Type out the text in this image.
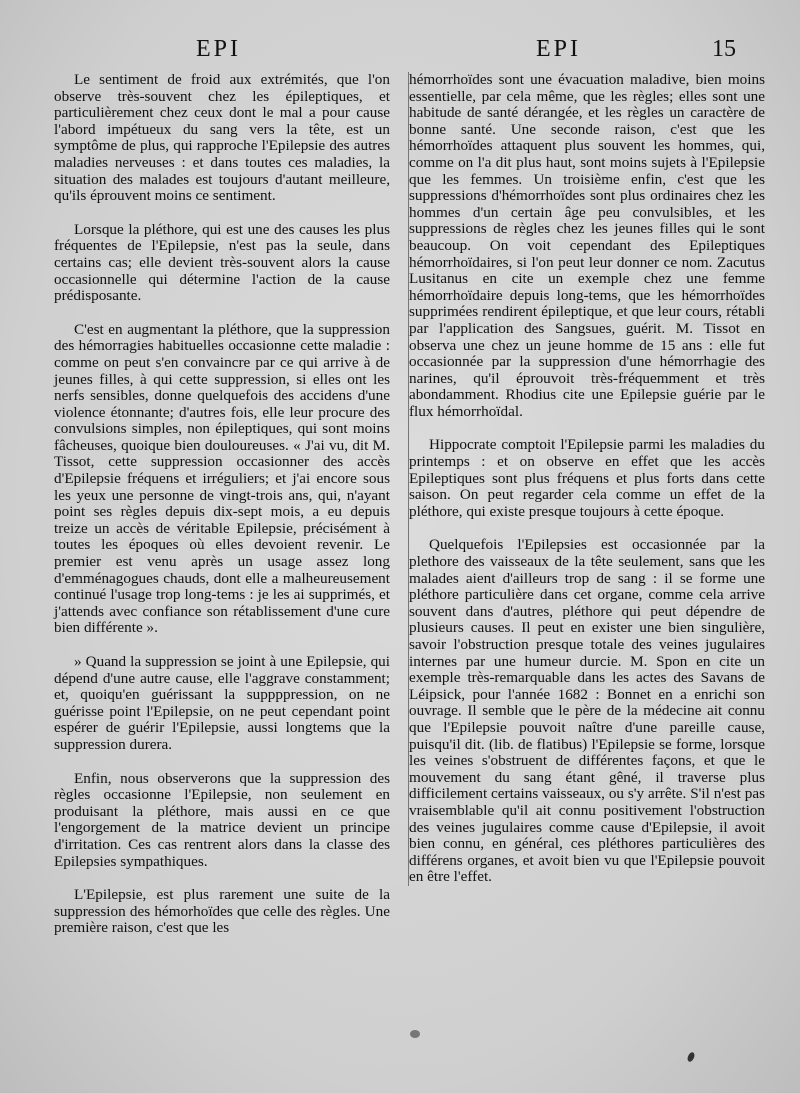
EPI	EPI	15

Le sentiment de froid aux extrémités, que l'on observe très-souvent chez les épileptiques, et particulièrement chez ceux dont le mal a pour cause l'abord impétueux du sang vers la tête, est un symptôme de plus, qui rapproche l'Epilepsie des autres maladies nerveuses : et dans toutes ces maladies, la situation des malades est toujours d'autant meilleure, qu'ils éprouvent moins ce sentiment.

Lorsque la pléthore, qui est une des causes les plus fréquentes de l'Epilepsie, n'est pas la seule, dans certains cas; elle devient très-souvent alors la cause occasionnelle qui détermine l'action de la cause prédisposante.

C'est en augmentant la pléthore, que la suppression des hémorragies habituelles occasionne cette maladie : comme on peut s'en convaincre par ce qui arrive à de jeunes filles, à qui cette suppression, si elles ont les nerfs sensibles, donne quelquefois des accidens d'une violence étonnante; d'autres fois, elle leur procure des convulsions simples, non épileptiques, qui sont moins fâcheuses, quoique bien douloureuses. « J'ai vu, dit M. Tissot, cette suppression occasionner des accès d'Epilepsie fréquens et irréguliers; et j'ai encore sous les yeux une personne de vingt-trois ans, qui, n'ayant point ses règles depuis dix-sept mois, a eu depuis treize un accès de véritable Epilepsie, précisément à toutes les époques où elles devoient revenir. Le premier est venu après un usage assez long d'emménagogues chauds, dont elle a malheureusement continué l'usage trop long-tems : je les ai supprimés, et j'attends avec confiance son rétablissement d'une cure bien différente ».

» Quand la suppression se joint à une Epilepsie, qui dépend d'une autre cause, elle l'aggrave constamment; et, quoiqu'en guérissant la suppppression, on ne guérisse point l'Epilepsie, on ne peut cependant point espérer de guérir l'Epilepsie, aussi longtems que la suppression durera.

Enfin, nous observerons que la suppression des règles occasionne l'Epilepsie, non seulement en produisant la pléthore, mais aussi en ce que l'engorgement de la matrice devient un principe d'irritation. Ces cas rentrent alors dans la classe des Epilepsies sympathiques.

L'Epilepsie, est plus rarement une suite de la suppression des hémorhoïdes que celle des règles. Une première raison, c'est que les

hémorrhoïdes sont une évacuation maladive, bien moins essentielle, par cela même, que les règles; elles sont une habitude de santé dérangée, et les règles un caractère de bonne santé. Une seconde raison, c'est que les hémorrhoïdes attaquent plus souvent les hommes, qui, comme on l'a dit plus haut, sont moins sujets à l'Epilepsie que les femmes. Un troisième enfin, c'est que les suppressions d'hémorrhoïdes sont plus ordinaires chez les hommes d'un certain âge peu convulsibles, et les suppressions de règles chez les jeunes filles qui le sont beaucoup. On voit cependant des Epileptiques hémorrhoïdaires, si l'on peut leur donner ce nom. Zacutus Lusitanus en cite un exemple chez une femme hémorrhoïdaire depuis long-tems, que les hémorrhoïdes supprimées rendirent épileptique, et que leur cours, rétabli par l'application des Sangsues, guérit. M. Tissot en observa une chez un jeune homme de 15 ans : elle fut occasionnée par la suppression d'une hémorrhagie des narines, qu'il éprouvoit très-fréquemment et très abondamment. Rhodius cite une Epilepsie guérie par le flux hémorrhoïdal.

Hippocrate comptoit l'Epilepsie parmi les maladies du printemps : et on observe en effet que les accès Epileptiques sont plus fréquens et plus forts dans cette saison. On peut regarder cela comme un effet de la pléthore, qui existe presque toujours à cette époque.

Quelquefois l'Epilepsies est occasionnée par la plethore des vaisseaux de la tête seulement, sans que les malades aient d'ailleurs trop de sang : il se forme une pléthore particulière dans cet organe, comme cela arrive souvent dans d'autres, pléthore qui peut dépendre de plusieurs causes. Il peut en exister une bien singulière, savoir l'obstruction presque totale des veines jugulaires internes par une humeur durcie. M. Spon en cite un exemple très-remarquable dans les actes des Savans de Léipsick, pour l'année 1682 : Bonnet en a enrichi son ouvrage. Il semble que le père de la médecine ait connu que l'Epilepsie pouvoit naître d'une pareille cause, puisqu'il dit. (lib. de flatibus) l'Epilepsie se forme, lorsque les veines s'obstruent de différentes façons, et que le mouvement du sang étant gêné, il traverse plus difficilement certains vaisseaux, ou s'y arrête. S'il n'est pas vraisemblable qu'il ait connu positivement l'obstruction des veines jugulaires comme cause d'Epilepsie, il avoit bien connu, en général, ces pléthores particulières des différens organes, et avoit bien vu que l'Epilepsie pouvoit en être l'effet.
